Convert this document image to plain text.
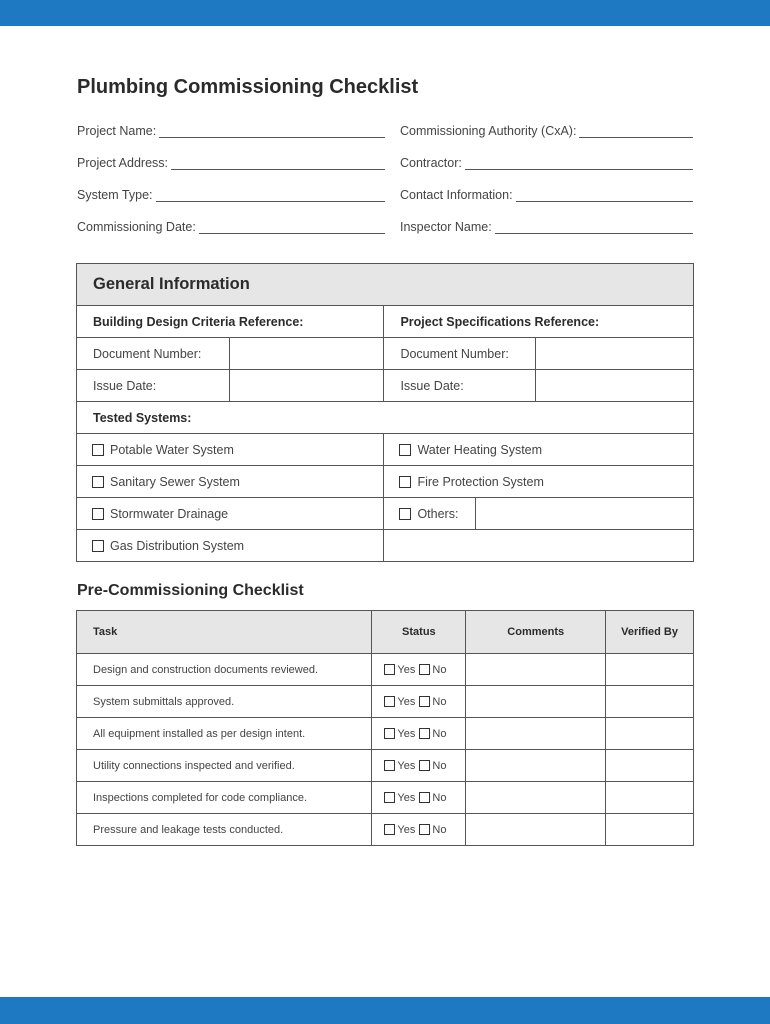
Plumbing Commissioning Checklist
Project Name:	Commissioning Authority (CxA):
Project Address:	Contractor:
System Type:	Contact Information:
Commissioning Date:	Inspector Name:
General Information				
Building Design Criteria Reference:		Project Specifications Reference:		
Document Number:		Document Number:		
Issue Date:		Issue Date:		
Tested Systems:				
Potable Water System		Water Heating System		
Sanitary Sewer System		Fire Protection System		
Stormwater Drainage		Others:		
Gas Distribution System				
Pre-Commissioning Checklist
Task	Status	Comments	Verified By
Design and construction documents reviewed.	Yes No		
System submittals approved.	Yes No		
All equipment installed as per design intent.	Yes No		
Utility connections inspected and verified.	Yes No		
Inspections completed for code compliance.	Yes No		
Pressure and leakage tests conducted.	Yes No		
